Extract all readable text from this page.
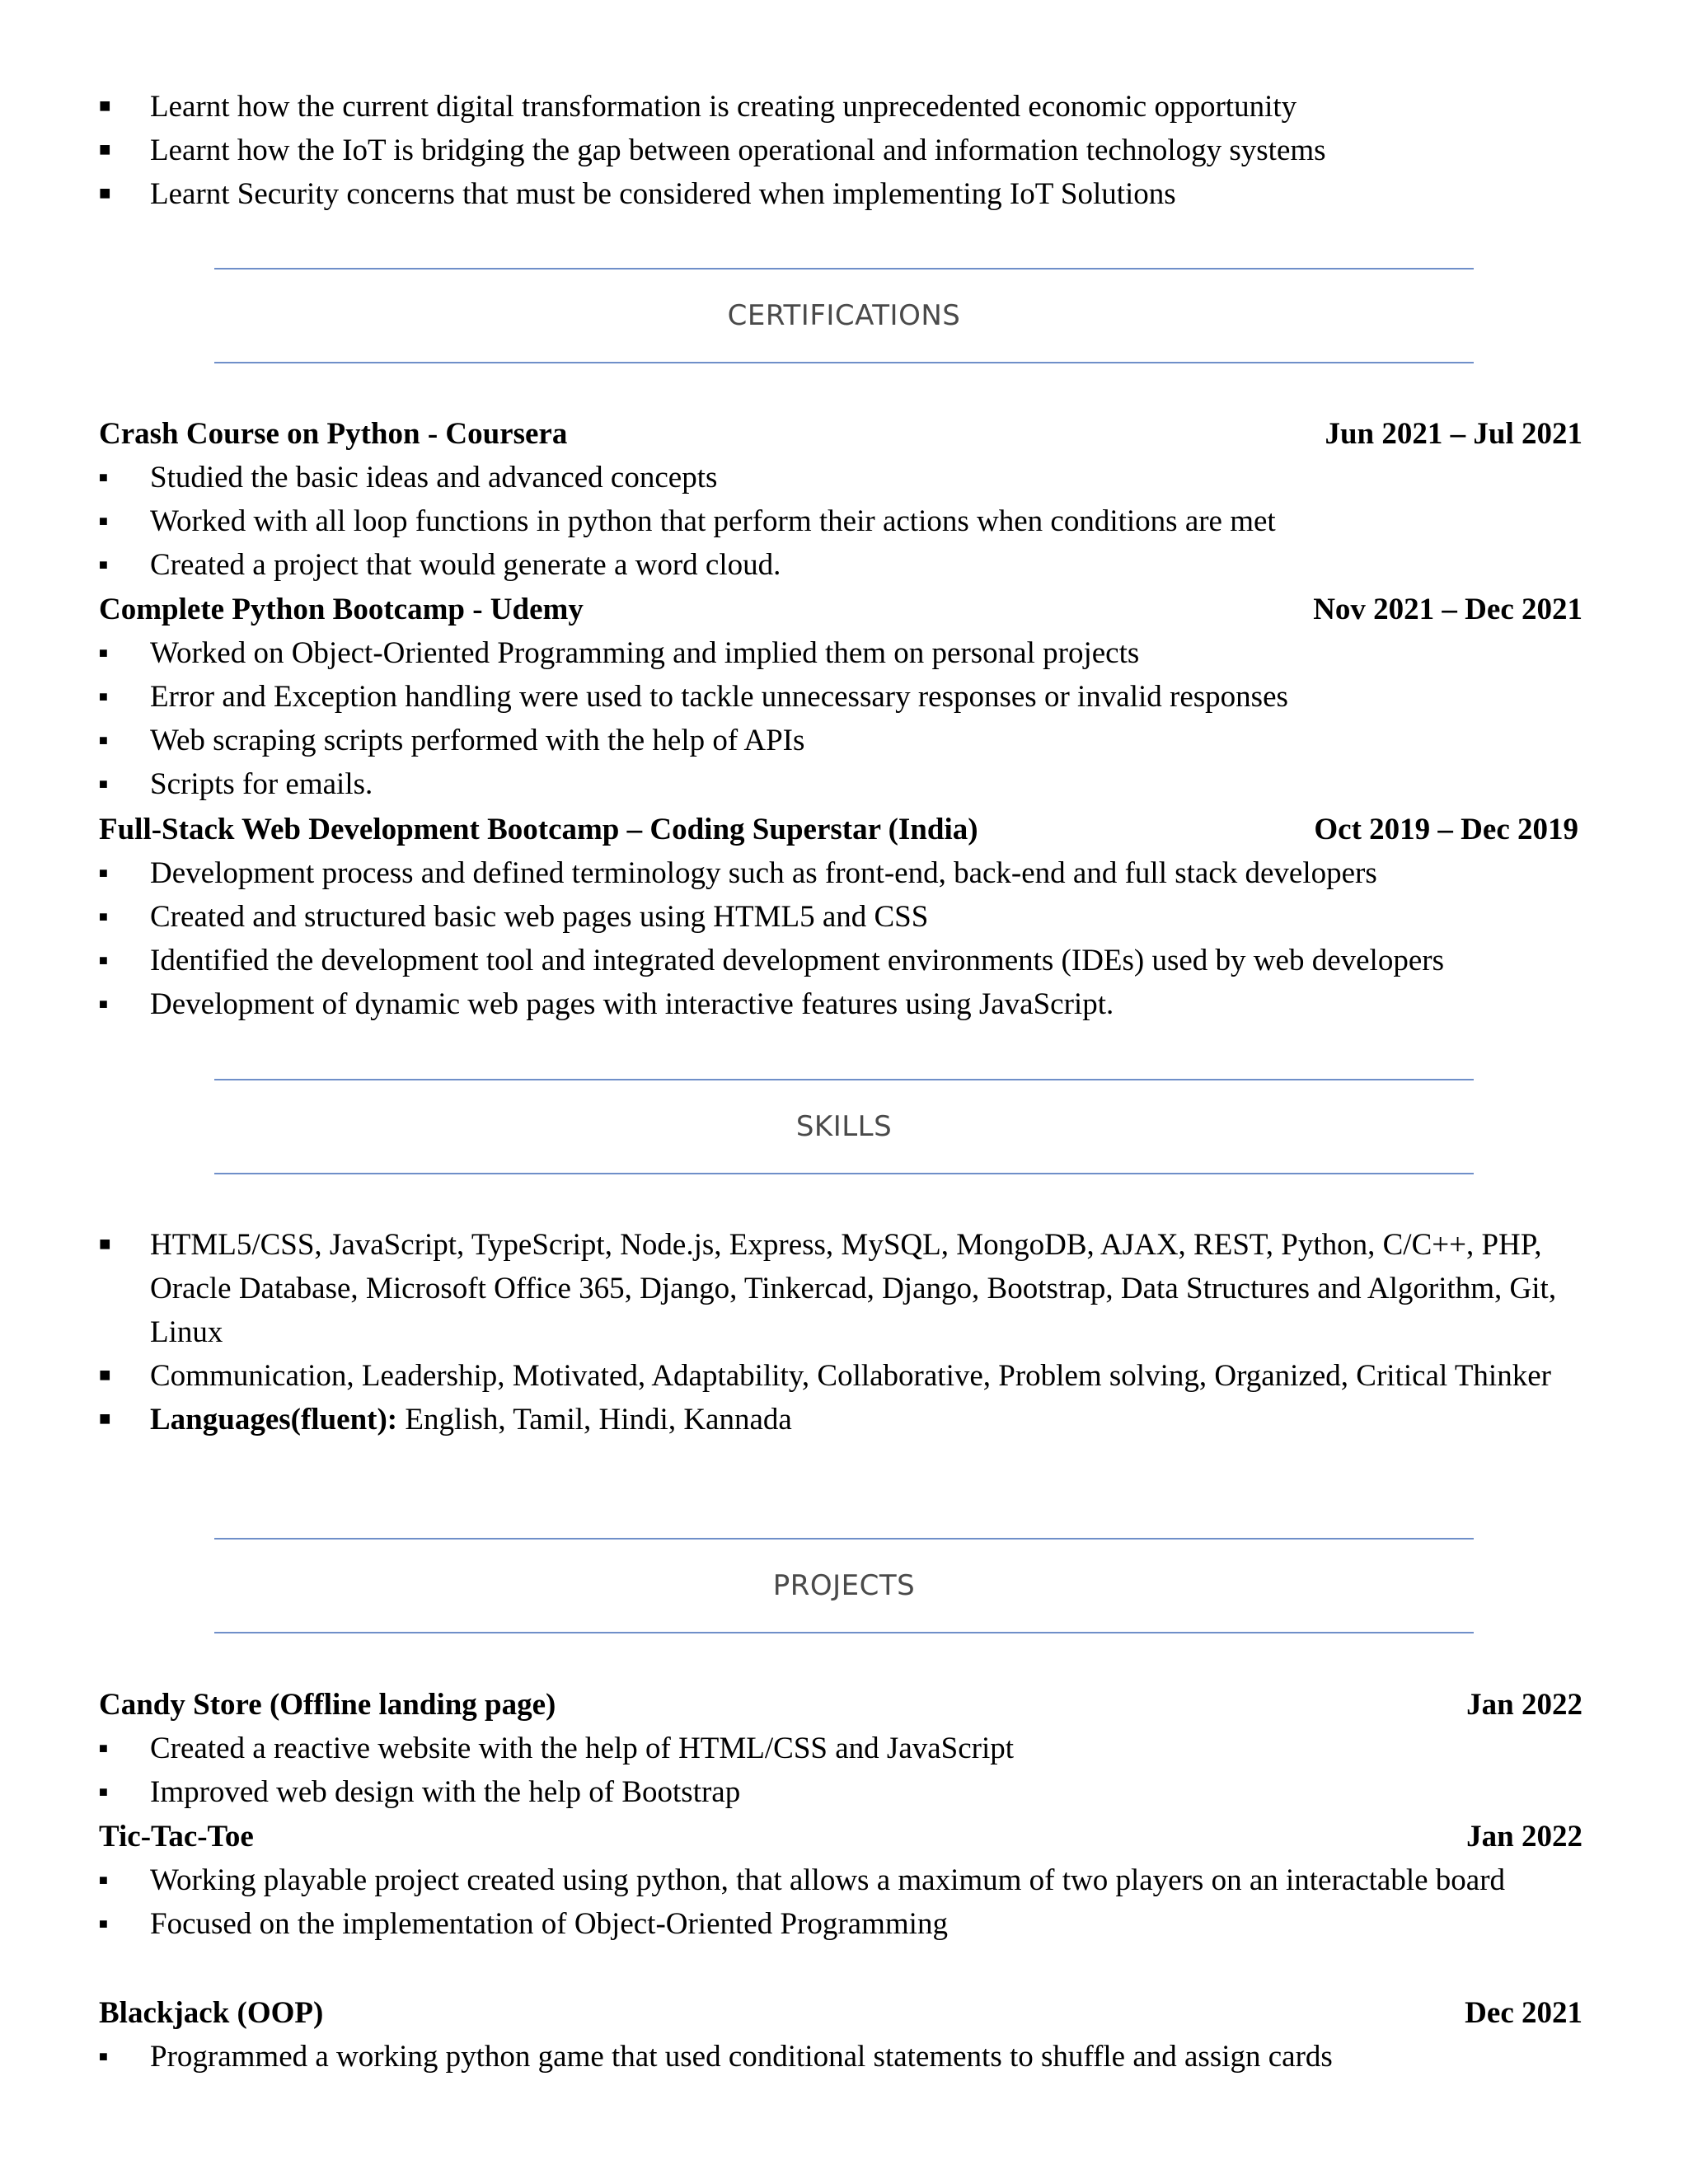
■	Learnt how the current digital transformation is creating unprecedented economic opportunity
■	Learnt how the IoT is bridging the gap between operational and information technology systems
■	Learnt Security concerns that must be considered when implementing IoT Solutions
CERTIFICATIONS
Crash Course on Python - Coursera	Jun 2021 – Jul 2021
■	Studied the basic ideas and advanced concepts
■	Worked with all loop functions in python that perform their actions when conditions are met
■	Created a project that would generate a word cloud.
Complete Python Bootcamp - Udemy	Nov 2021 – Dec 2021
■	Worked on Object-Oriented Programming and implied them on personal projects
■	Error and Exception handling were used to tackle unnecessary responses or invalid responses
■	Web scraping scripts performed with the help of APIs
■	Scripts for emails.
Full-Stack Web Development Bootcamp – Coding Superstar (India)	Oct 2019 – Dec 2019
■	Development process and defined terminology such as front-end, back-end and full stack developers
■	Created and structured basic web pages using HTML5 and CSS
■	Identified the development tool and integrated development environments (IDEs) used by web developers
■	Development of dynamic web pages with interactive features using JavaScript.
SKILLS
■	HTML5/CSS, JavaScript, TypeScript, Node.js, Express, MySQL, MongoDB, AJAX, REST, Python, C/C++, PHP, Oracle Database, Microsoft Office 365, Django, Tinkercad, Django, Bootstrap, Data Structures and Algorithm, Git, Linux
■	Communication, Leadership, Motivated, Adaptability, Collaborative, Problem solving, Organized, Critical Thinker
■	Languages(fluent): English, Tamil, Hindi, Kannada
PROJECTS
Candy Store (Offline landing page)	Jan 2022
■	Created a reactive website with the help of HTML/CSS and JavaScript
■	Improved web design with the help of Bootstrap
Tic-Tac-Toe	Jan 2022
■	Working playable project created using python, that allows a maximum of two players on an interactable board
■	Focused on the implementation of Object-Oriented Programming
Blackjack (OOP)	Dec 2021
■	Programmed a working python game that used conditional statements to shuffle and assign cards
